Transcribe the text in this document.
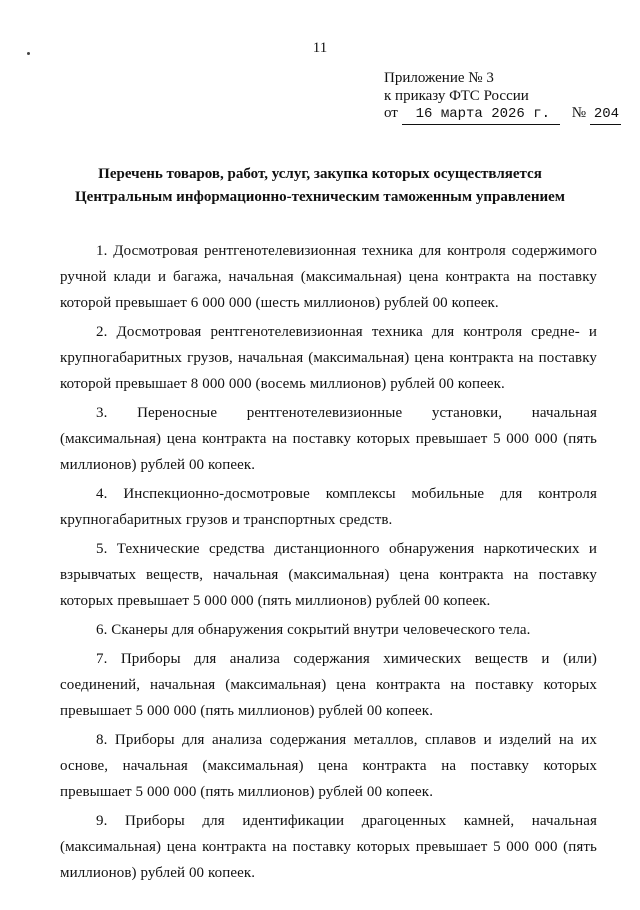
11
Приложение № 3
к приказу ФТС России
от 16 марта 2026 г. № 204
Перечень товаров, работ, услуг, закупка которых осуществляется
Центральным информационно-техническим таможенным управлением
1. Досмотровая рентгенотелевизионная техника для контроля содержимого ручной клади и багажа, начальная (максимальная) цена контракта на поставку которой превышает 6 000 000 (шесть миллионов) рублей 00 копеек.
2. Досмотровая рентгенотелевизионная техника для контроля средне- и крупногабаритных грузов, начальная (максимальная) цена контракта на поставку которой превышает 8 000 000 (восемь миллионов) рублей 00 копеек.
3. Переносные рентгенотелевизионные установки, начальная (максимальная) цена контракта на поставку которых превышает 5 000 000 (пять миллионов) рублей 00 копеек.
4. Инспекционно-досмотровые комплексы мобильные для контроля крупногабаритных грузов и транспортных средств.
5. Технические средства дистанционного обнаружения наркотических и взрывчатых веществ, начальная (максимальная) цена контракта на поставку которых превышает 5 000 000 (пять миллионов) рублей 00 копеек.
6. Сканеры для обнаружения сокрытий внутри человеческого тела.
7. Приборы для анализа содержания химических веществ и (или) соединений, начальная (максимальная) цена контракта на поставку которых превышает 5 000 000 (пять миллионов) рублей 00 копеек.
8. Приборы для анализа содержания металлов, сплавов и изделий на их основе, начальная (максимальная) цена контракта на поставку которых превышает 5 000 000 (пять миллионов) рублей 00 копеек.
9. Приборы для идентификации драгоценных камней, начальная (максимальная) цена контракта на поставку которых превышает 5 000 000 (пять миллионов) рублей 00 копеек.
